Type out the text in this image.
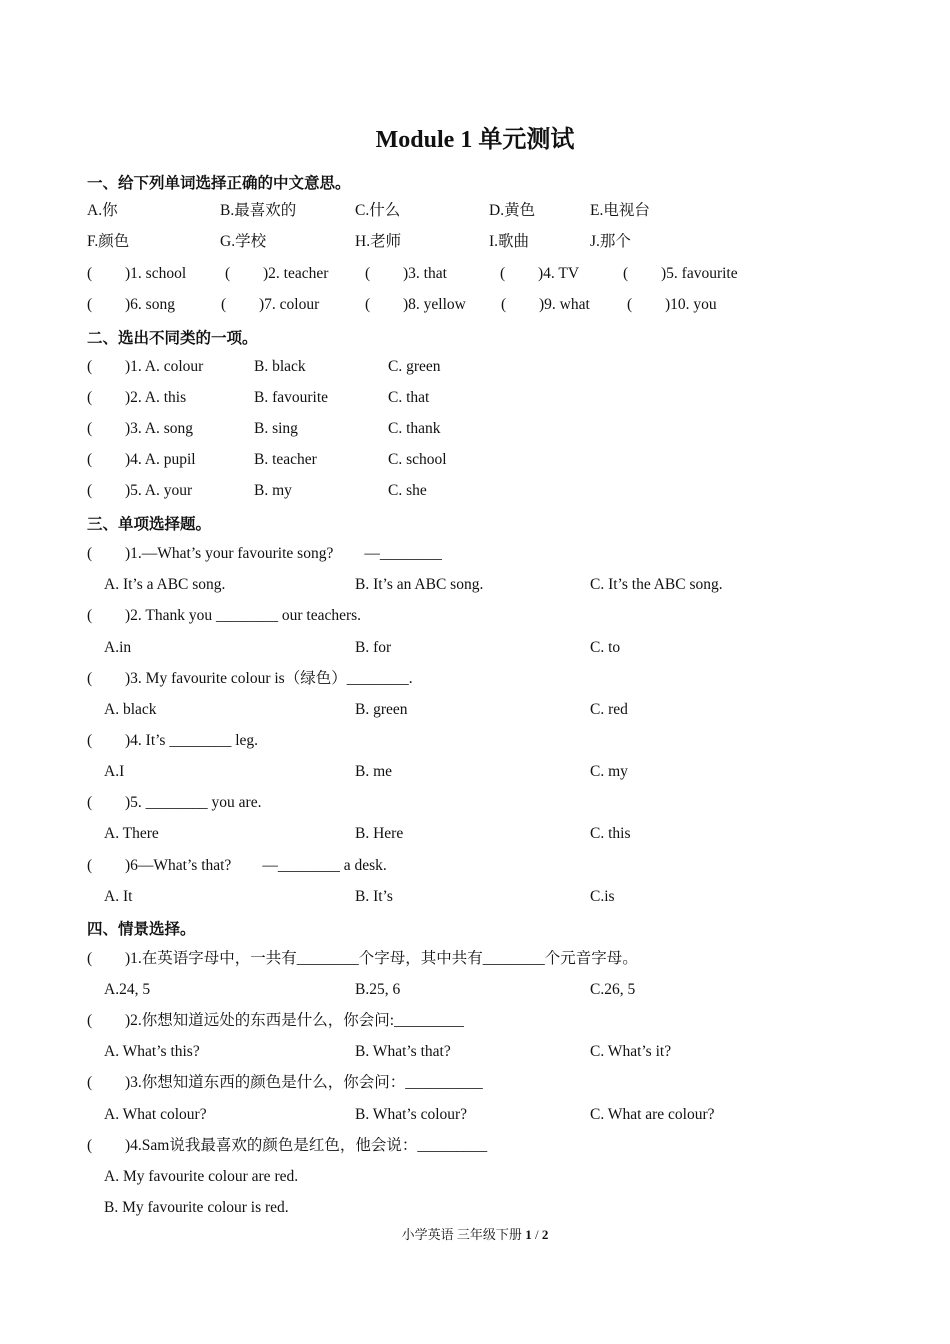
Module 1 单元测试
一、给下列单词选择正确的中文意思。
A.你	B.最喜欢的	C.什么	D.黄色	E.电视台
F.颜色	G.学校	H.老师	I.歌曲	J.那个
( )1. school	( )2. teacher ( )3. that	( )4. TV	( )5. favourite
( )6. song	( )7. colour	( )8. yellow ( )9. what ( )10. you
二、选出不同类的一项。
( )1. A. colour	B. black	C. green
( )2. A. this	B. favourite	C. that
( )3. A. song	B. sing	C. thank
( )4. A. pupil	B. teacher	C. school
( )5. A. your	B. my	C. she
三、单项选择题。
( )1.—What’s your favourite song?        —________
A. It’s a ABC song.	B. It’s an ABC song.	C. It’s the ABC song.
( )2. Thank you ________ our teachers.
A.in	B. for	C. to
( )3. My favourite colour is（绿色）________.
A. black	B. green	C. red
( )4. It’s ________ leg.
A.I	B. me	C. my
( )5. ________ you are.
A. There	B. Here	C. this
( )6—What’s that?        —________ a desk.
A. It	B. It’s	C.is
四、情景选择。
( )1.在英语字母中，一共有________个字母，其中共有________个元音字母。
A.24, 5	B.25, 6	C.26, 5
( )2.你想知道远处的东西是什么，你会问:_________
A. What’s this?	B. What’s that?	C. What’s it?
( )3.你想知道东西的颜色是什么，你会问：__________
A. What colour?	B. What’s colour?	C. What are colour?
( )4.Sam说我最喜欢的颜色是红色，他会说：_________
A. My favourite colour are red.
B. My favourite colour is red.
小学英语 三年级下册 1 / 2
